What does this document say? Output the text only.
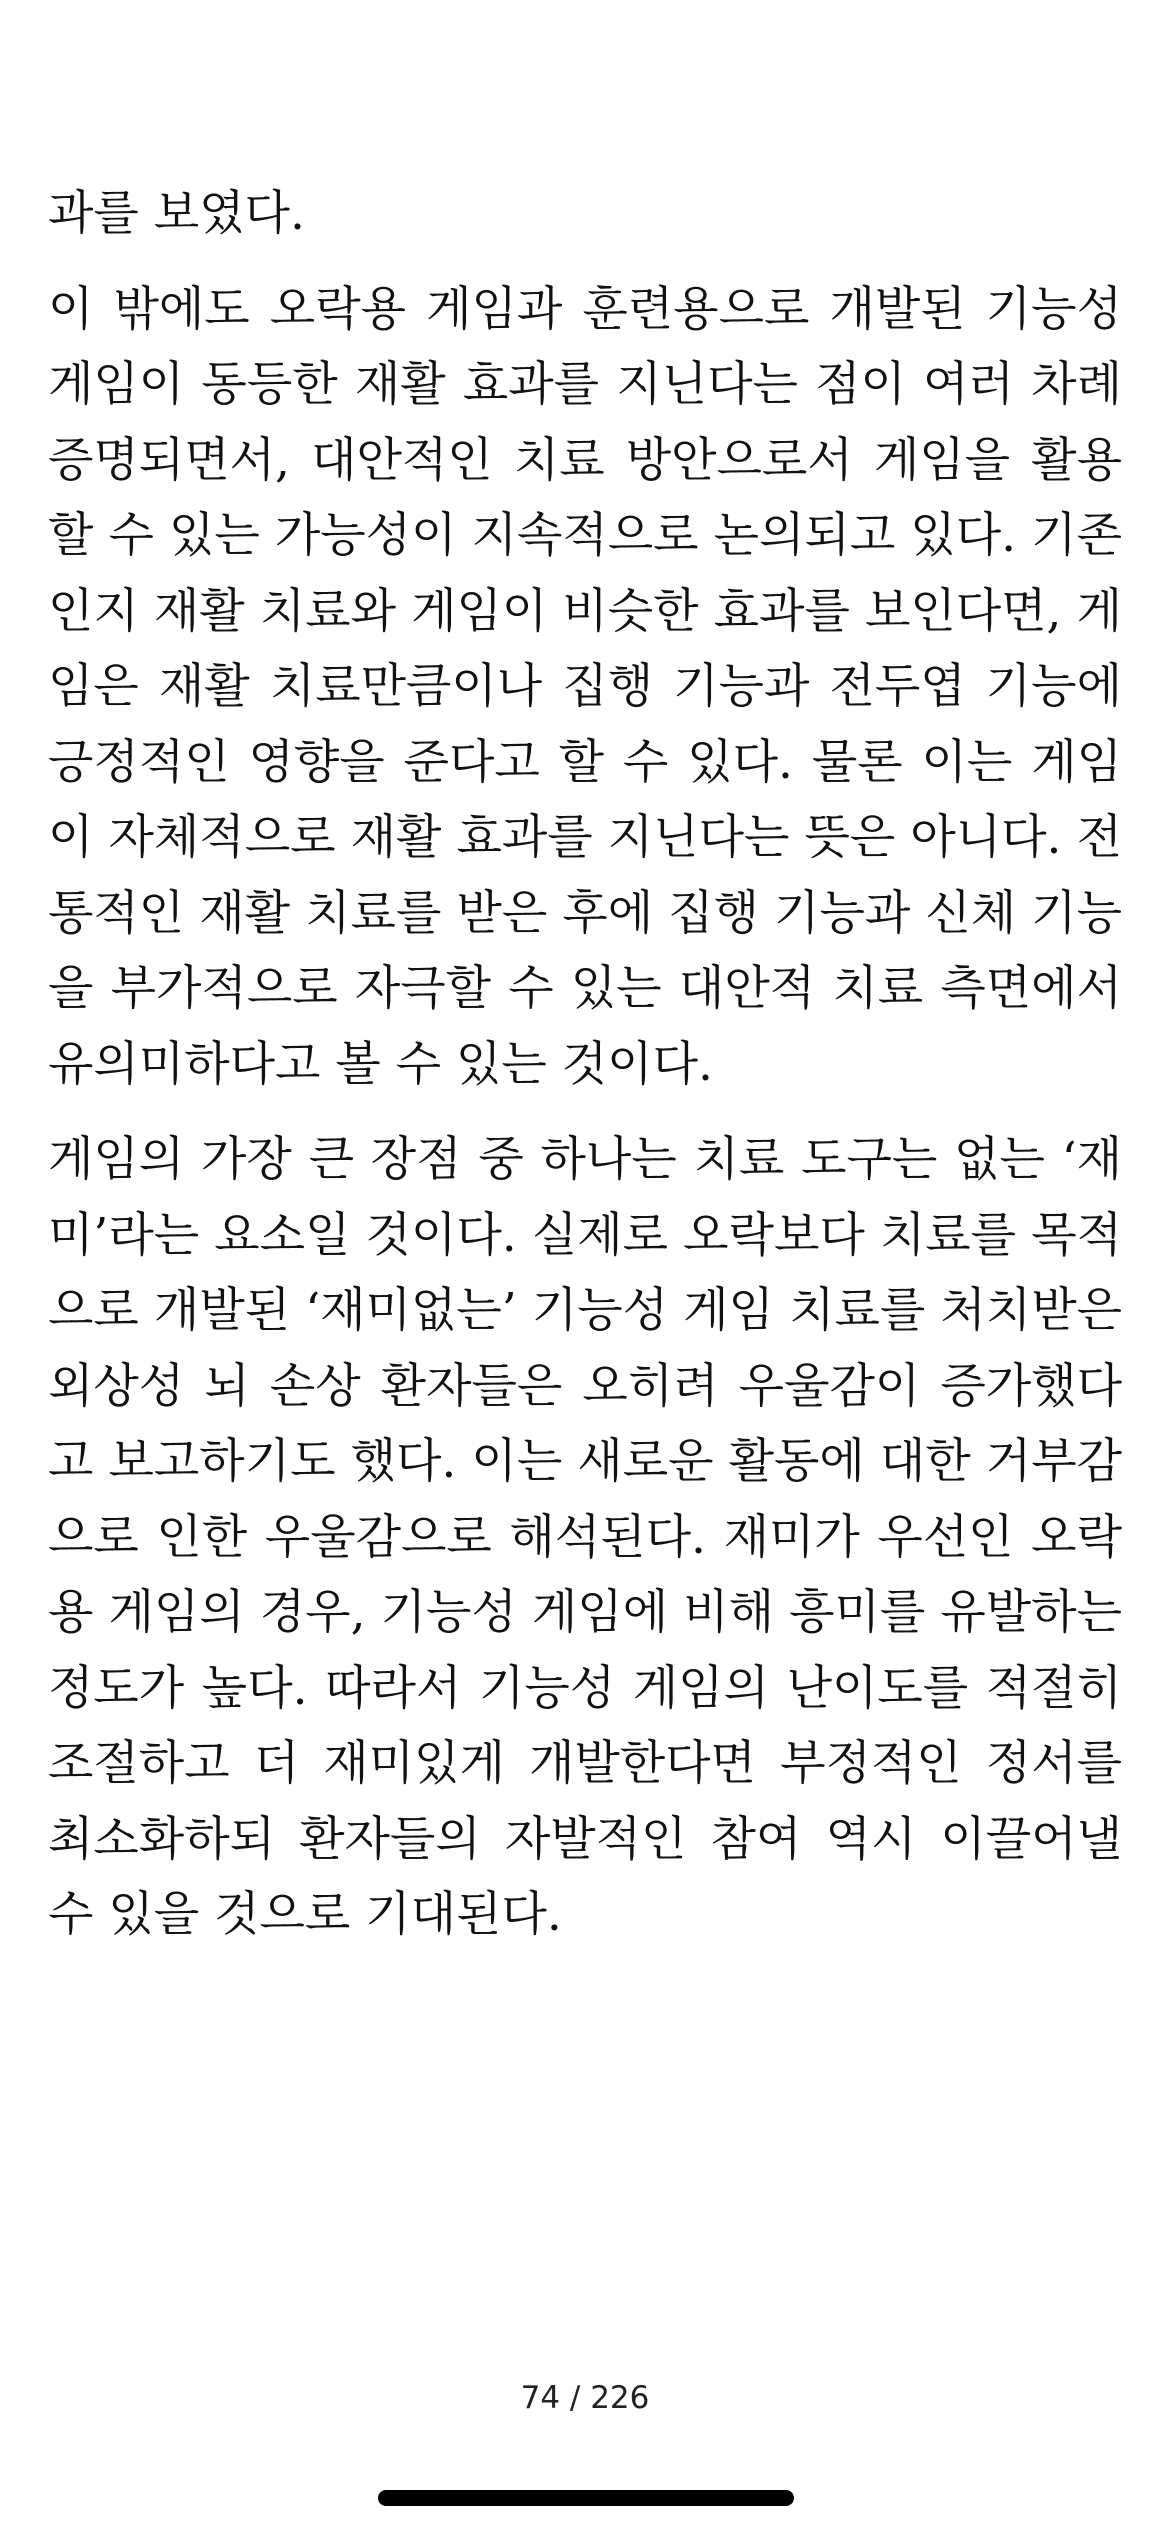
과를 보였다.
이 밖에도 오락용 게임과 훈련용으로 개발된 기능성
게임이 동등한 재활 효과를 지닌다는 점이 여러 차례
증명되면서, 대안적인 치료 방안으로서 게임을 활용
할 수 있는 가능성이 지속적으로 논의되고 있다. 기존
인지 재활 치료와 게임이 비슷한 효과를 보인다면, 게
임은 재활 치료만큼이나 집행 기능과 전두엽 기능에
긍정적인 영향을 준다고 할 수 있다. 물론 이는 게임
이 자체적으로 재활 효과를 지닌다는 뜻은 아니다. 전
통적인 재활 치료를 받은 후에 집행 기능과 신체 기능
을 부가적으로 자극할 수 있는 대안적 치료 측면에서
유의미하다고 볼 수 있는 것이다.
게임의 가장 큰 장점 중 하나는 치료 도구는 없는 ‘재
미’라는 요소일 것이다. 실제로 오락보다 치료를 목적
으로 개발된 ‘재미없는’ 기능성 게임 치료를 처치받은
외상성 뇌 손상 환자들은 오히려 우울감이 증가했다
고 보고하기도 했다. 이는 새로운 활동에 대한 거부감
으로 인한 우울감으로 해석된다. 재미가 우선인 오락
용 게임의 경우, 기능성 게임에 비해 흥미를 유발하는
정도가 높다. 따라서 기능성 게임의 난이도를 적절히
조절하고 더 재미있게 개발한다면 부정적인 정서를
최소화하되 환자들의 자발적인 참여 역시 이끌어낼
수 있을 것으로 기대된다.
74 / 226
